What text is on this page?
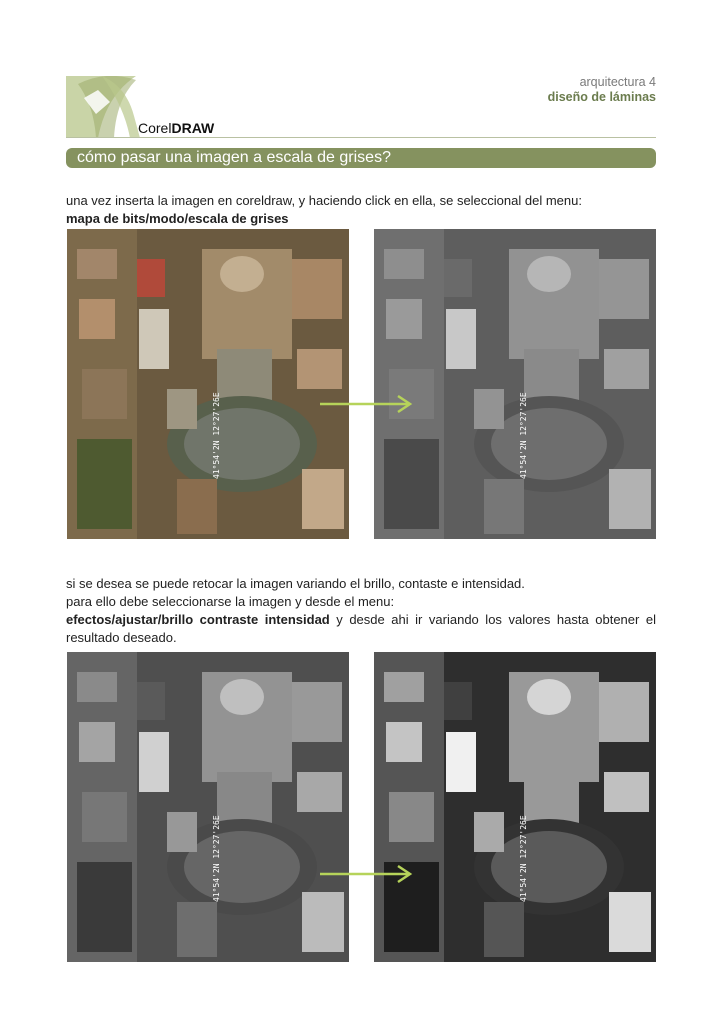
CorelDRAW
arquitectura 4
diseño de láminas
cómo pasar una imagen a escala de grises?
una vez inserta la imagen en coreldraw, y haciendo click en ella, se seleccional del menu:
mapa de bits/modo/escala de grises
41°54'2N 12°27'26E	41°54'2N 12°27'26E
si se desea se puede retocar la imagen variando el brillo, contaste e intensidad.
para ello debe seleccionarse la imagen y desde el menu:
efectos/ajustar/brillo contraste intensidad y desde ahi ir variando los valores hasta obtener el resultado deseado.
41°54'2N 12°27'26E	41°54'2N 12°27'26E
